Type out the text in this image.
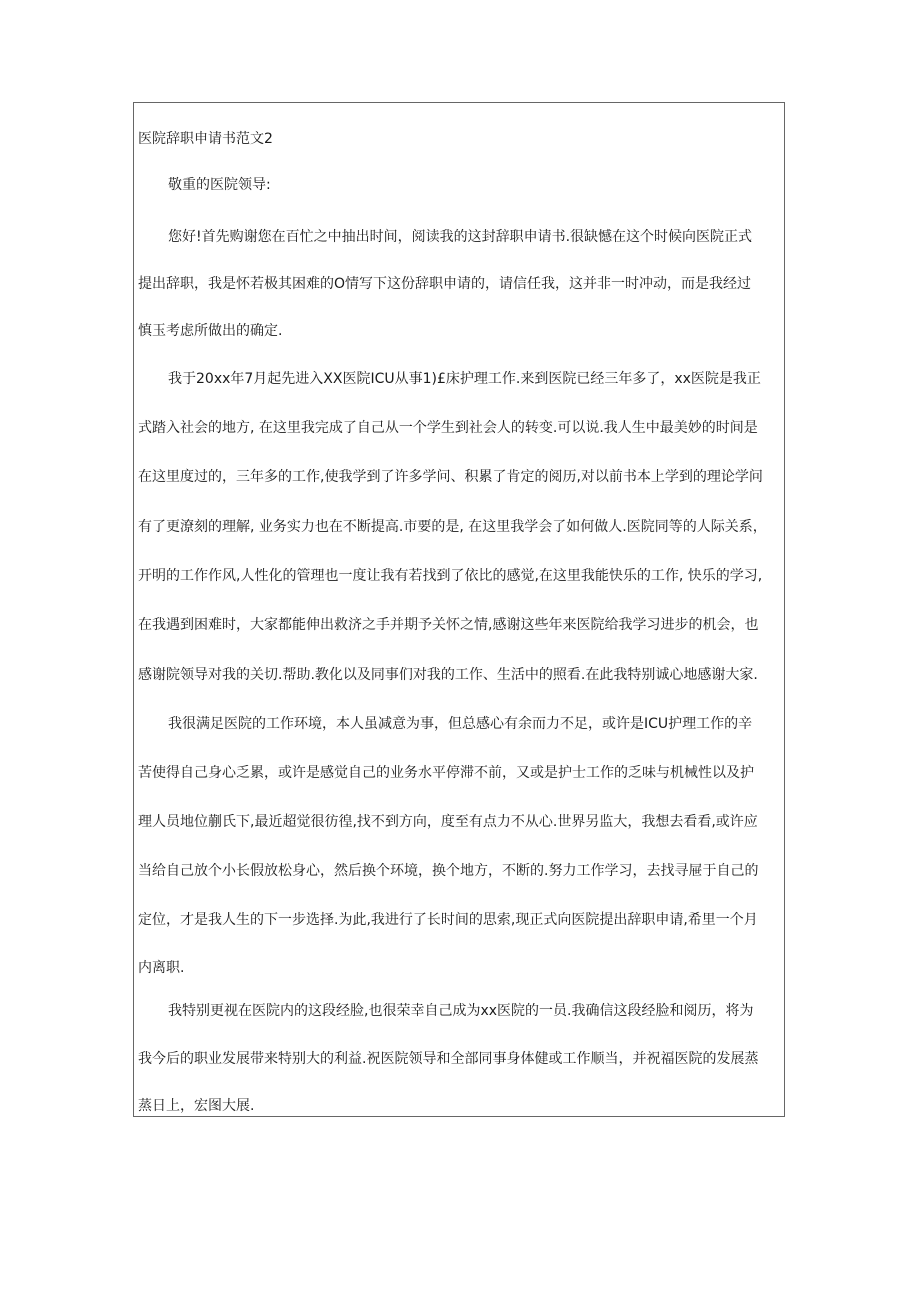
医院辞职申请书范文2
敬重的医院领导:
您好!首先购谢您在百忙之中抽出时间，阅读我的这封辞职申请书.很缺憾在这个时候向医院正式
提出辞职，我是怀若极其困难的O情写下这份辞职申请的，请信任我，这并非一时冲动，而是我经过
慎玉考虑所做出的确定.
我于20xx年7月起先进入XX医院ICU从事1)£床护理工作.来到医院已经三年多了，xx医院是我正
式踏入社会的地方, 在这里我完成了自己从一个学生到社会人的转变.可以说.我人生中最美妙的时间是
在这里度过的，三年多的工作,使我学到了许多学问、积累了肯定的阅历,对以前书本上学到的理论学问
有了更潦刻的理解, 业务实力也在不断提高.市要的是, 在这里我学会了如何做人.医院同等的人际关系，
开明的工作作风,人性化的管理也一度让我有若找到了依比的感觉,在这里我能快乐的工作, 快乐的学习,
在我遇到困难时，大家都能伸出救济之手并期予关怀之情,感谢这些年来医院给我学习进步的机会，也
感谢院领导对我的关切.帮助.教化以及同事们对我的工作、生活中的照看.在此我特别诚心地感谢大家.
我很满足医院的工作环境，本人虽减意为事，但总感心有余而力不足，或许是ICU护理工作的辛
苦使得自己身心乏累，或许是感觉自己的业务水平停滞不前，又或是护士工作的乏味与机械性以及护
理人员地位蒯氏下,最近超觉很彷徨,找不到方向，度至有点力不从心.世界另监大，我想去看看,或许应
当给自己放个小长假放松身心，然后换个环境，换个地方，不断的.努力工作学习，去找寻屉于自己的
定位，才是我人生的下一步选择.为此,我进行了长时间的思索,现正式向医院提出辞职申请,希里一个月
内离职.
我特别更视在医院内的这段经脸,也很荣幸自己成为xx医院的一员.我确信这段经脸和阅历，将为
我今后的职业发展带来特别大的利益.祝医院领导和全部同事身体健或工作顺当，并祝福医院的发展蒸
蒸日上，宏图大展.
